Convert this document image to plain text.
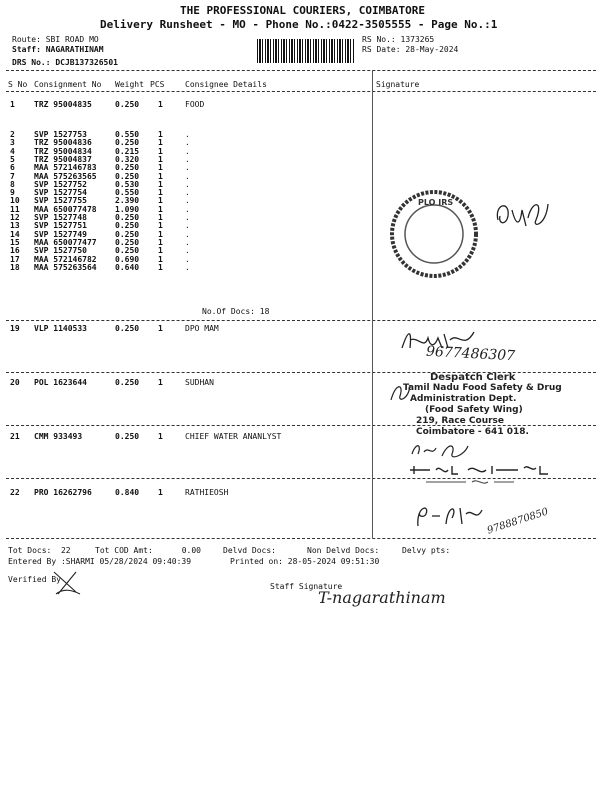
THE PROFESSIONAL COURIERS, COIMBATORE
Delivery Runsheet - MO - Phone No.:0422-3505555 - Page No.:1
Route: SBI ROAD MO
Staff: NAGARATHINAM
DRS No.: DCJB137326501
RS No.: 1373265
RS Date: 28-May-2024
S No Consignment No Weight PCS	Consignee Details	Signature
1 TRZ 95004835	0.250 1	FOOD
2 SVP 1527753	0.550 1	.
3 TRZ 95004836	0.250 1	.
4 TRZ 95004834	0.215 1	.
5 TRZ 95004837	0.320 1	.
6 MAA 572146783 0.250 1	.
7 MAA 575263565 0.250 1	.
8 SVP 1527752	0.530 1	.
9 SVP 1527754	0.550 1	.
10 SVP 1527755	2.390 1	.
11 MAA 650077478 1.090 1	.
12 SVP 1527748	0.250 1	.
13 SVP 1527751	0.250 1	.
14 SVP 1527749	0.250 1	.
15 MAA 650077477 0.250 1	.
16 SVP 1527750	0.250 1	.
17 MAA 572146782 0.690 1	.
18 MAA 575263564 0.640 1	.
No.Of Docs: 18
19 VLP 1140533	0.250 1	DPO MAM
20 POL 1623644	0.250 1	SUDHAN
21 CMM 933493	0.250 1	CHIEF WATER ANANLYST
22 PRO 16262796	0.840 1	RATHIEOSH
PLO IRS
9677486307
Despatch Clerk
Tamil Nadu Food Safety & Drug
Administration Dept.
(Food Safety Wing)
219, Race Course
Coimbatore - 641 018.
9788870850
Tot Docs:  22	Tot COD Amt:      0.00	Delvd Docs:	Non Delvd Docs:	Delvy pts:
Entered By :SHARMI 05/28/2024 09:40:39	Printed on: 28-05-2024 09:51:30
Verified By
Staff Signature
T-nagarathinam
